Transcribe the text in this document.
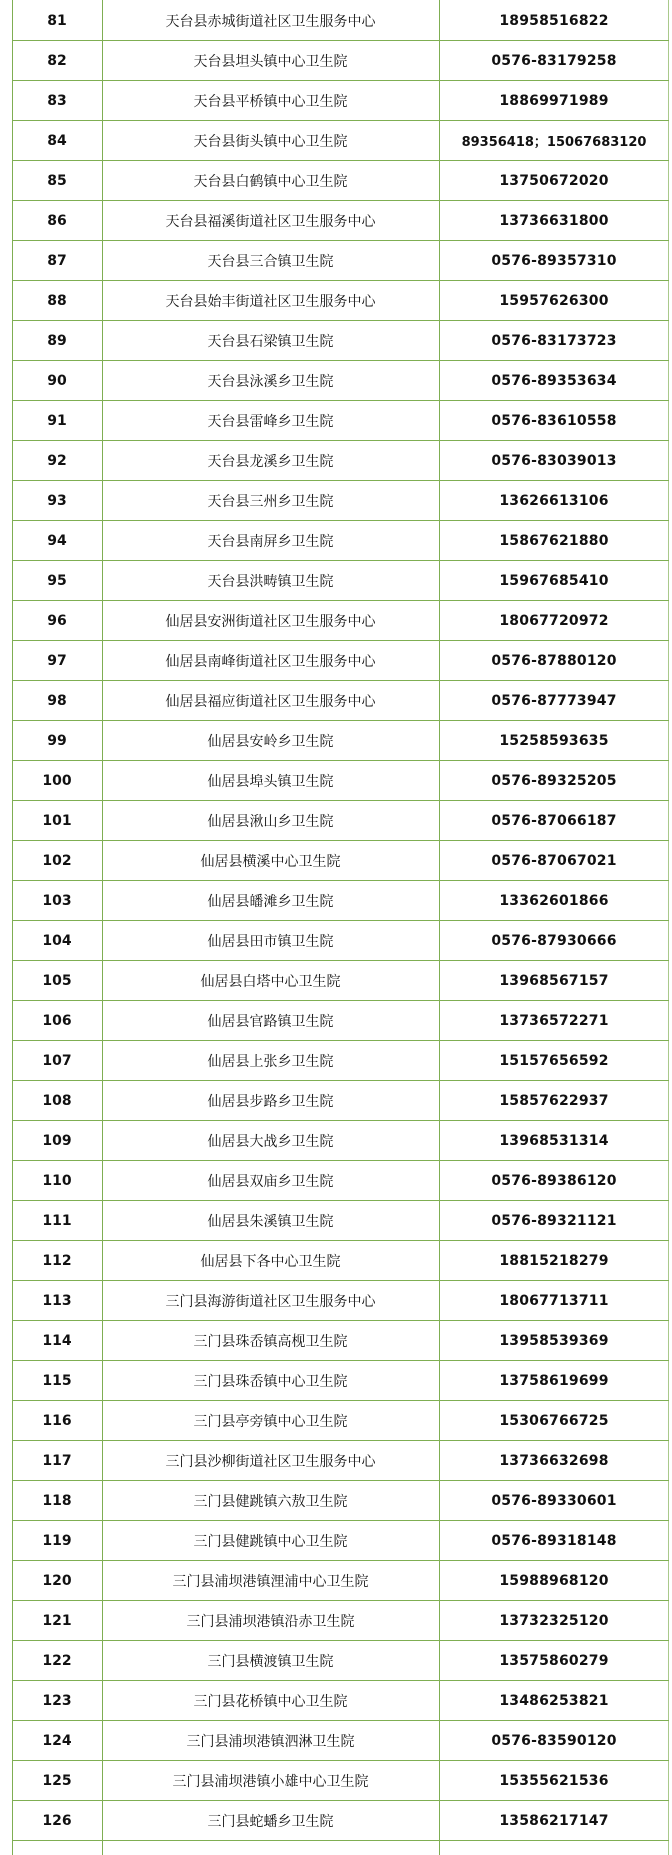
81	天台县赤城街道社区卫生服务中心	18958516822
82	天台县坦头镇中心卫生院	0576-83179258
83	天台县平桥镇中心卫生院	18869971989
84	天台县街头镇中心卫生院	89356418；15067683120
85	天台县白鹤镇中心卫生院	13750672020
86	天台县福溪街道社区卫生服务中心	13736631800
87	天台县三合镇卫生院	0576-89357310
88	天台县始丰街道社区卫生服务中心	15957626300
89	天台县石梁镇卫生院	0576-83173723
90	天台县泳溪乡卫生院	0576-89353634
91	天台县雷峰乡卫生院	0576-83610558
92	天台县龙溪乡卫生院	0576-83039013
93	天台县三州乡卫生院	13626613106
94	天台县南屏乡卫生院	15867621880
95	天台县洪畴镇卫生院	15967685410
96	仙居县安洲街道社区卫生服务中心	18067720972
97	仙居县南峰街道社区卫生服务中心	0576-87880120
98	仙居县福应街道社区卫生服务中心	0576-87773947
99	仙居县安岭乡卫生院	15258593635
100	仙居县埠头镇卫生院	0576-89325205
101	仙居县湫山乡卫生院	0576-87066187
102	仙居县横溪中心卫生院	0576-87067021
103	仙居县皤滩乡卫生院	13362601866
104	仙居县田市镇卫生院	0576-87930666
105	仙居县白塔中心卫生院	13968567157
106	仙居县官路镇卫生院	13736572271
107	仙居县上张乡卫生院	15157656592
108	仙居县步路乡卫生院	15857622937
109	仙居县大战乡卫生院	13968531314
110	仙居县双庙乡卫生院	0576-89386120
111	仙居县朱溪镇卫生院	0576-89321121
112	仙居县下各中心卫生院	18815218279
113	三门县海游街道社区卫生服务中心	18067713711
114	三门县珠岙镇高枧卫生院	13958539369
115	三门县珠岙镇中心卫生院	13758619699
116	三门县亭旁镇中心卫生院	15306766725
117	三门县沙柳街道社区卫生服务中心	13736632698
118	三门县健跳镇六敖卫生院	0576-89330601
119	三门县健跳镇中心卫生院	0576-89318148
120	三门县浦坝港镇浬浦中心卫生院	15988968120
121	三门县浦坝港镇沿赤卫生院	13732325120
122	三门县横渡镇卫生院	13575860279
123	三门县花桥镇中心卫生院	13486253821
124	三门县浦坝港镇泗淋卫生院	0576-83590120
125	三门县浦坝港镇小雄中心卫生院	15355621536
126	三门县蛇蟠乡卫生院	13586217147
